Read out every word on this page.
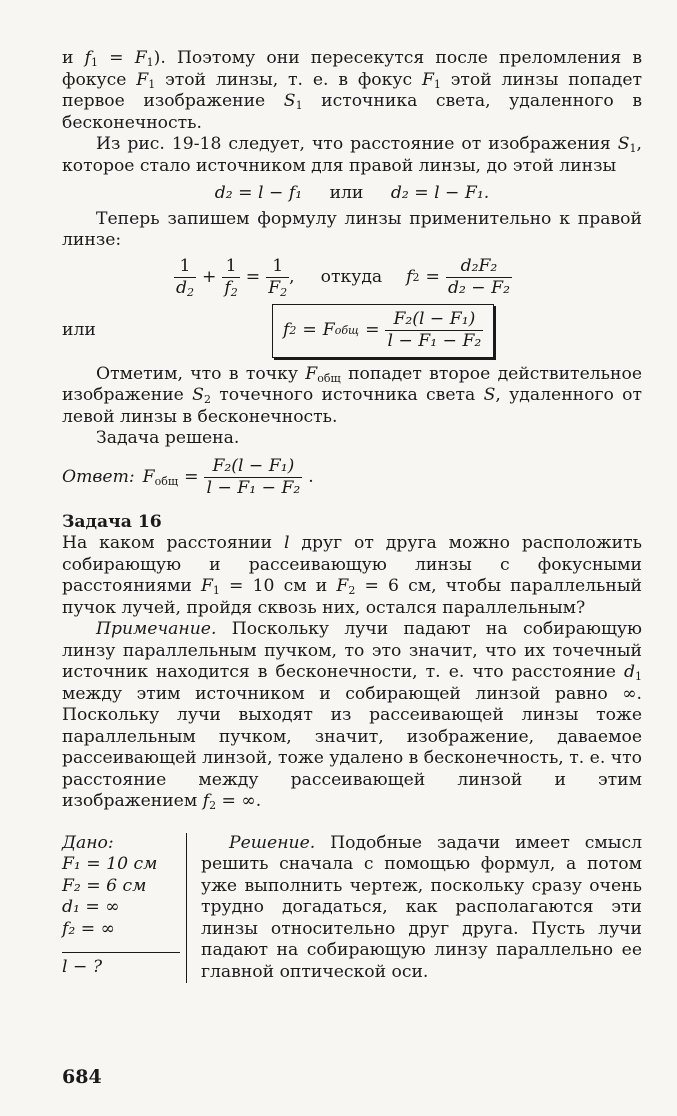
и $f_1 = F_1$). Поэтому они пересекутся после преломления в фокусе $F_1$ этой линзы, т. е. в фокус $F_1$ этой линзы попадет первое изображение $S_1$ источника света, удаленного в бесконечность.

Из рис. 19-18 следует, что расстояние от изображения $S_1$, которое стало источником для правой линзы, до этой линзы

d₂ = l − f₁ или d₂ = l − F₁.

Теперь запишем формулу линзы применительно к правой линзе:

$\frac{1}{d_2} + \frac{1}{f_2} = \frac{1}{F_2}$ , откуда f $2 = \frac{\text{d₂F₂}}{\text{d₂ − F₂}}$
или	f 2 = F общ = $\frac{\text{F₂(l − F₁)}}{\text{l − F₁ − F₂}}$

Отметим, что в точку $F_{общ}$ попадет второе действительное изображение $S_2$ точечного источника света S, удаленного от левой линзы в бесконечность.

Задача решена.

Ответ: $F_{общ} = \frac{\text{F₂(l − F₁)}}{\text{l − F₁ − F₂}}$ .

Задача 16

На каком расстоянии l друг от друга можно расположить собирающую и рассеивающую линзы с фокусными расстояниями $F_1 = 10$ см и $F_2 = 6$ см, чтобы параллельный пучок лучей, пройдя сквозь них, остался параллельным?

Примечание. Поскольку лучи падают на собирающую линзу параллельным пучком, то это значит, что их точечный источник находится в бесконечности, т. е. что расстояние $d_1$ между этим источником и собирающей линзой равно ∞. Поскольку лучи выходят из рассеивающей линзы тоже параллельным пучком, значит, изображение, даваемое рассеивающей линзой, тоже удалено в бесконечность, т. е. что расстояние между рассеивающей линзой и этим изображением $f_2$ = ∞.

Дано:
F₁ = 10 см
F₂ = 6 см
d₁ = ∞
f₂ = ∞
l − ?
Решение. Подобные задачи имеет смысл решить сначала с помощью формул, а потом уже выполнить чертеж, поскольку сразу очень трудно догадаться, как располагаются эти линзы относительно друг друга. Пусть лучи падают на собирающую линзу параллельно ее главной оптической оси.
684
